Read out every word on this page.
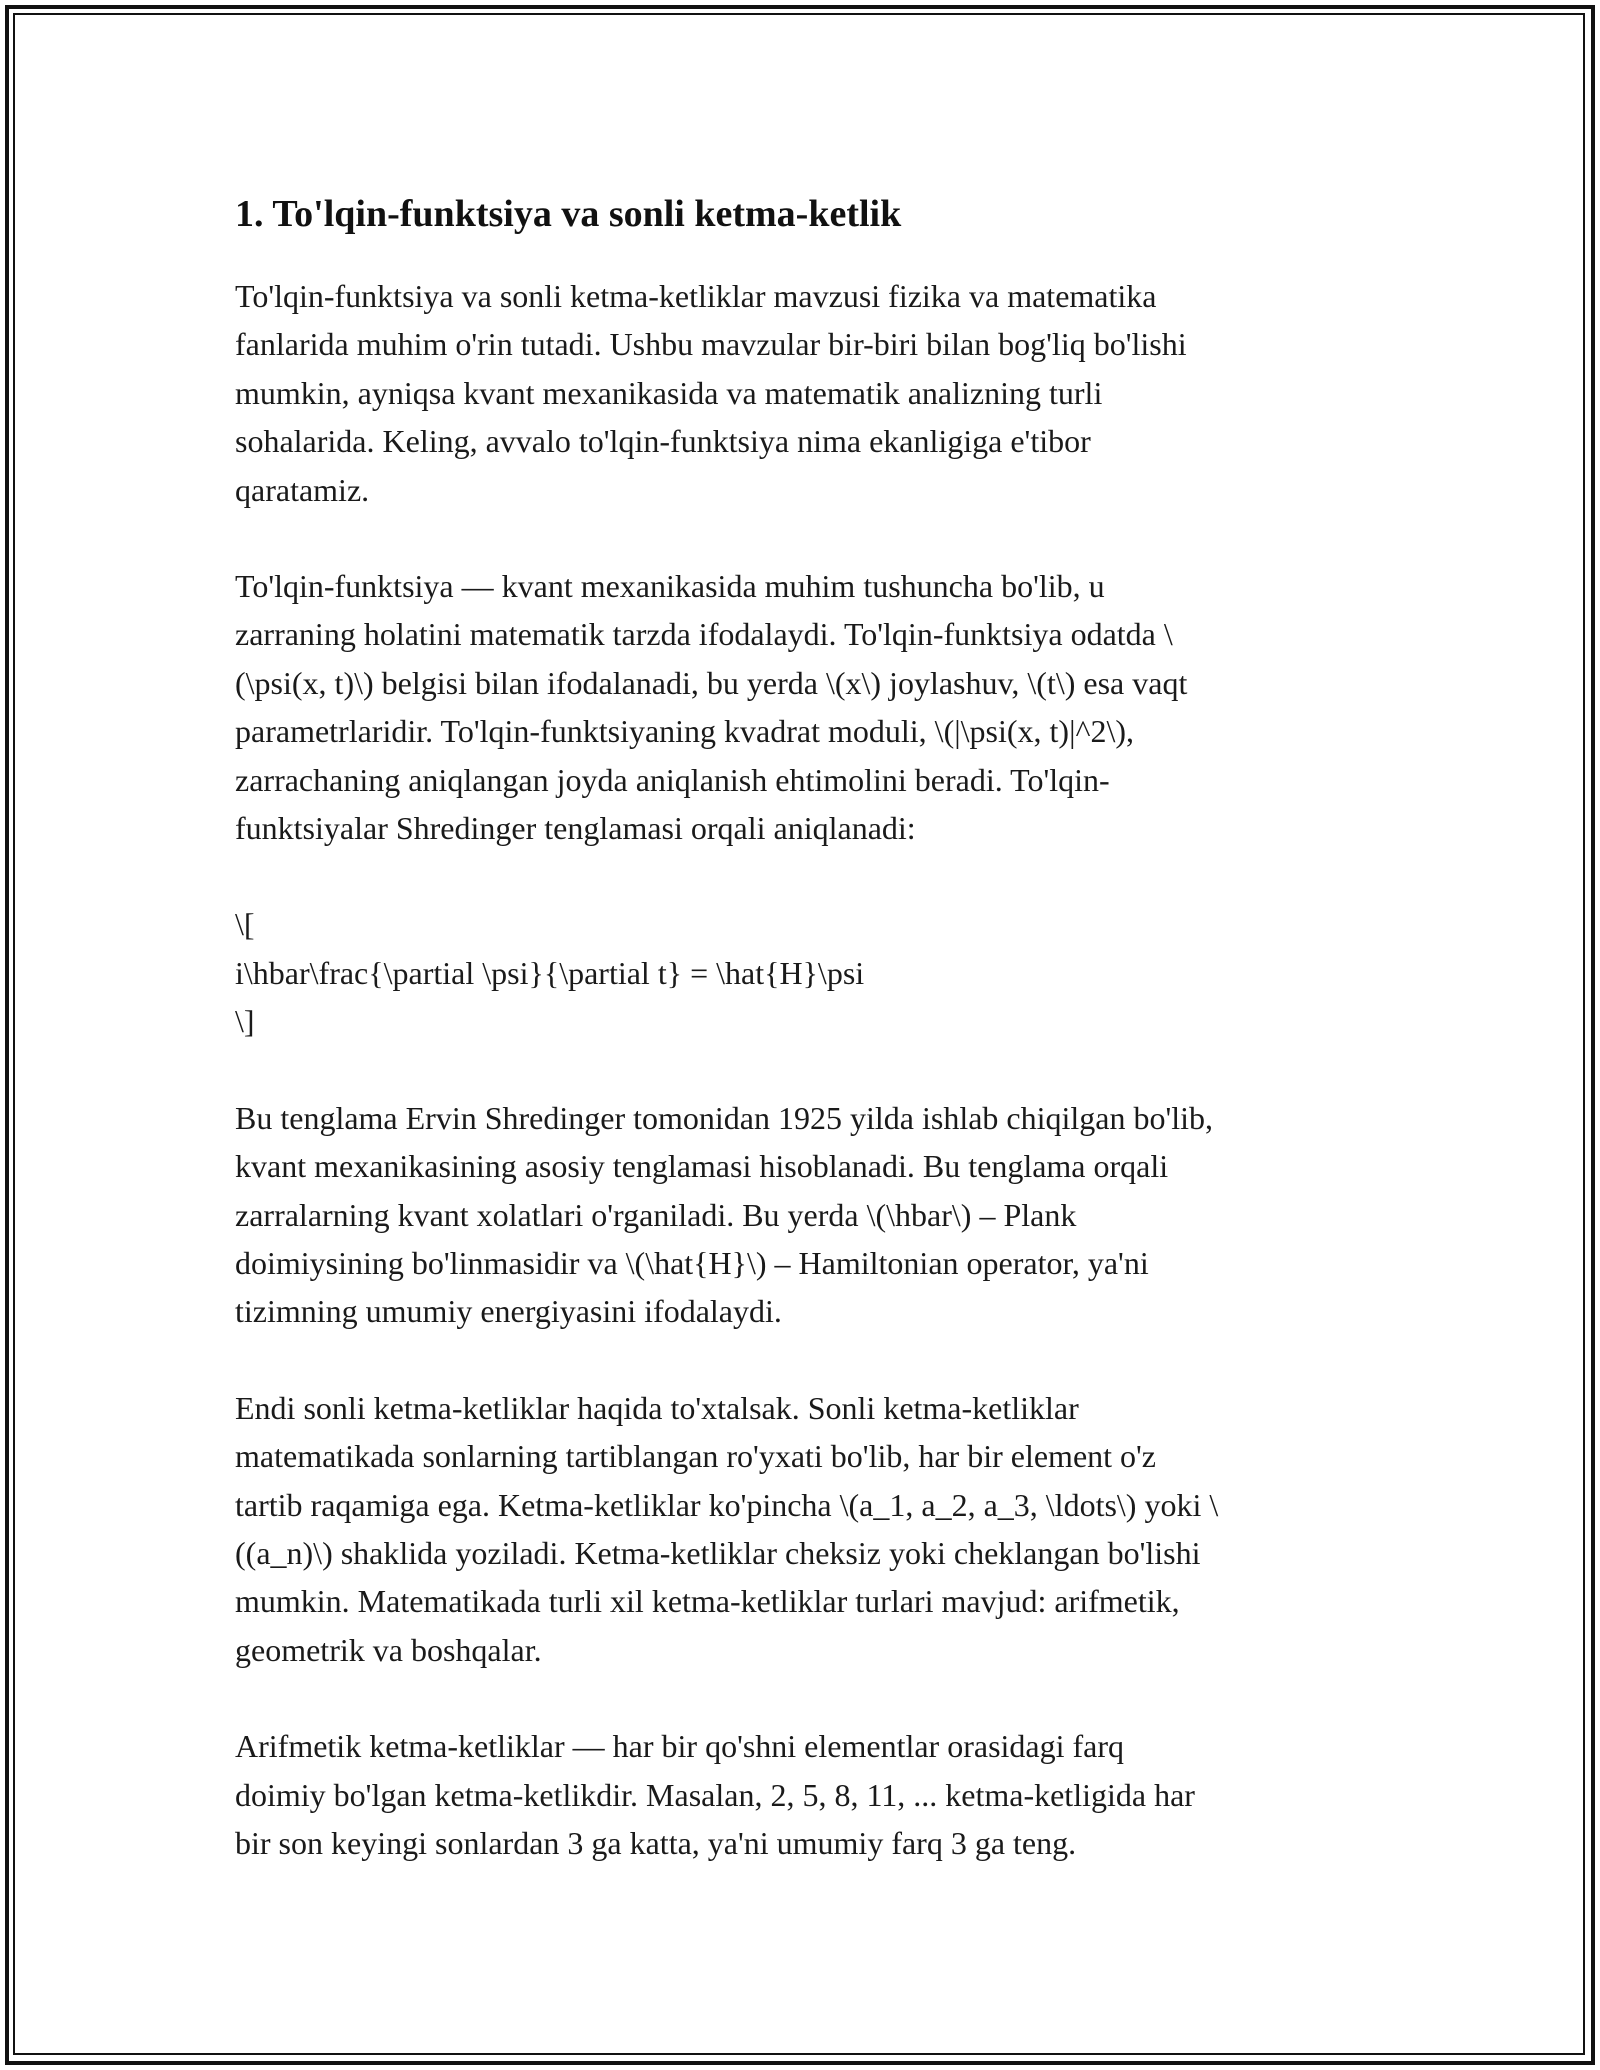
1. To'lqin-funktsiya va sonli ketma-ketlik

To'lqin-funktsiya va sonli ketma-ketliklar mavzusi fizika va matematika
fanlarida muhim o'rin tutadi. Ushbu mavzular bir-biri bilan bog'liq bo'lishi
mumkin, ayniqsa kvant mexanikasida va matematik analizning turli
sohalarida. Keling, avvalo to'lqin-funktsiya nima ekanligiga e'tibor
qaratamiz.

To'lqin-funktsiya — kvant mexanikasida muhim tushuncha bo'lib, u
zarraning holatini matematik tarzda ifodalaydi. To'lqin-funktsiya odatda \
(\psi(x, t)\) belgisi bilan ifodalanadi, bu yerda \(x\) joylashuv, \(t\) esa vaqt
parametrlaridir. To'lqin-funktsiyaning kvadrat moduli, \(|\psi(x, t)|^2\),
zarrachaning aniqlangan joyda aniqlanish ehtimolini beradi. To'lqin-
funktsiyalar Shredinger tenglamasi orqali aniqlanadi:

\[
i\hbar\frac{\partial \psi}{\partial t} = \hat{H}\psi
\]

Bu tenglama Ervin Shredinger tomonidan 1925 yilda ishlab chiqilgan bo'lib,
kvant mexanikasining asosiy tenglamasi hisoblanadi. Bu tenglama orqali
zarralarning kvant xolatlari o'rganiladi. Bu yerda \(\hbar\) – Plank
doimiysining bo'linmasidir va \(\hat{H}\) – Hamiltonian operator, ya'ni
tizimning umumiy energiyasini ifodalaydi.

Endi sonli ketma-ketliklar haqida to'xtalsak. Sonli ketma-ketliklar
matematikada sonlarning tartiblangan ro'yxati bo'lib, har bir element o'z
tartib raqamiga ega. Ketma-ketliklar ko'pincha \(a_1, a_2, a_3, \ldots\) yoki \
((a_n)\) shaklida yoziladi. Ketma-ketliklar cheksiz yoki cheklangan bo'lishi
mumkin. Matematikada turli xil ketma-ketliklar turlari mavjud: arifmetik,
geometrik va boshqalar.

Arifmetik ketma-ketliklar — har bir qo'shni elementlar orasidagi farq
doimiy bo'lgan ketma-ketlikdir. Masalan, 2, 5, 8, 11, ... ketma-ketligida har
bir son keyingi sonlardan 3 ga katta, ya'ni umumiy farq 3 ga teng.
